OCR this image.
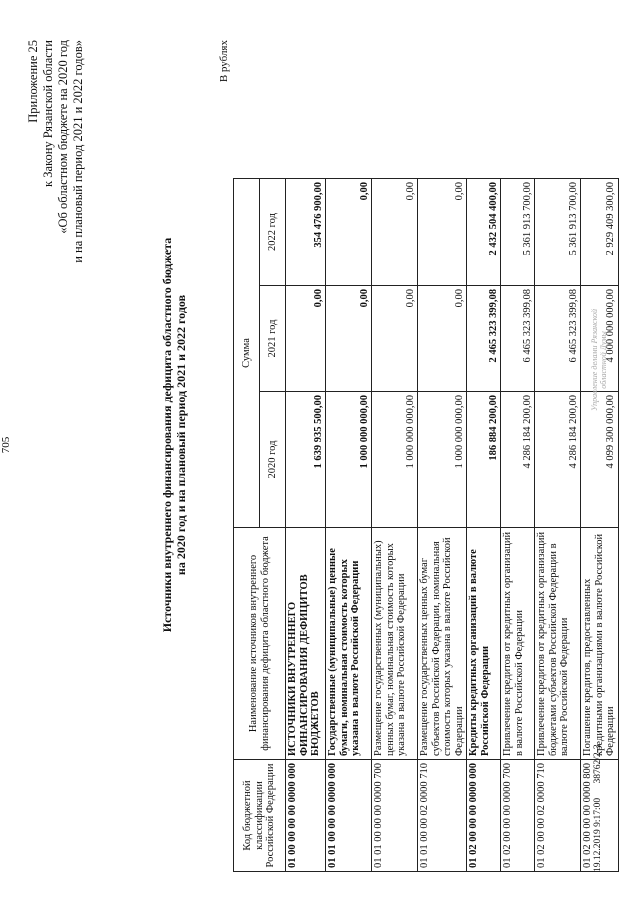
705
Приложение 25 к Закону Рязанской области «Об областном бюджете на 2020 год и на плановый период 2021 и 2022 годов»
Источники внутреннего финансирования дефицита областного бюджета на 2020 год и на плановый период 2021 и 2022 годов
В рублях
Код бюджетной классификации Российской Федерации	Наименование источников внутреннего финансирования дефицита областного бюджета	Сумма		
		2020 год	2021 год	2022 год
01 00 00 00 00 0000 000	ИСТОЧНИКИ ВНУТРЕННЕГО ФИНАНСИРОВАНИЯ ДЕФИЦИТОВ БЮДЖЕТОВ	1 639 935 500,00	0,00	354 476 900,00
01 01 00 00 00 0000 000	Государственные (муниципальные) ценные бумаги, номинальная стоимость которых указана в валюте Российской Федерации	1 000 000 000,00	0,00	0,00
01 01 00 00 00 0000 700	Размещение государственных (муниципальных) ценных бумаг, номинальная стоимость которых указана в валюте Российской Федерации	1 000 000 000,00	0,00	0,00
01 01 00 00 02 0000 710	Размещение государственных ценных бумаг субъектов Российской Федерации, номинальная стоимость которых указана в валюте Российской Федерации	1 000 000 000,00	0,00	0,00
01 02 00 00 00 0000 000	Кредиты кредитных организаций в валюте Российской Федерации	186 884 200,00	2 465 323 399,08	2 432 504 400,00
01 02 00 00 00 0000 700	Привлечение кредитов от кредитных организаций в валюте Российской Федерации	4 286 184 200,00	6 465 323 399,08	5 361 913 700,00
01 02 00 00 02 0000 710	Привлечение кредитов от кредитных организаций бюджетами субъектов Российской Федерации в валюте Российской Федерации	4 286 184 200,00	6 465 323 399,08	5 361 913 700,00
01 02 00 00 00 0000 800	Погашение кредитов, предоставленных кредитными организациями в валюте Российской Федерации	4 099 300 000,00	4 000 000 000,00	2 929 409 300,00
19.12.2019 9:17:00 38762/2-3
Управление делами Рязанской областной Думы
